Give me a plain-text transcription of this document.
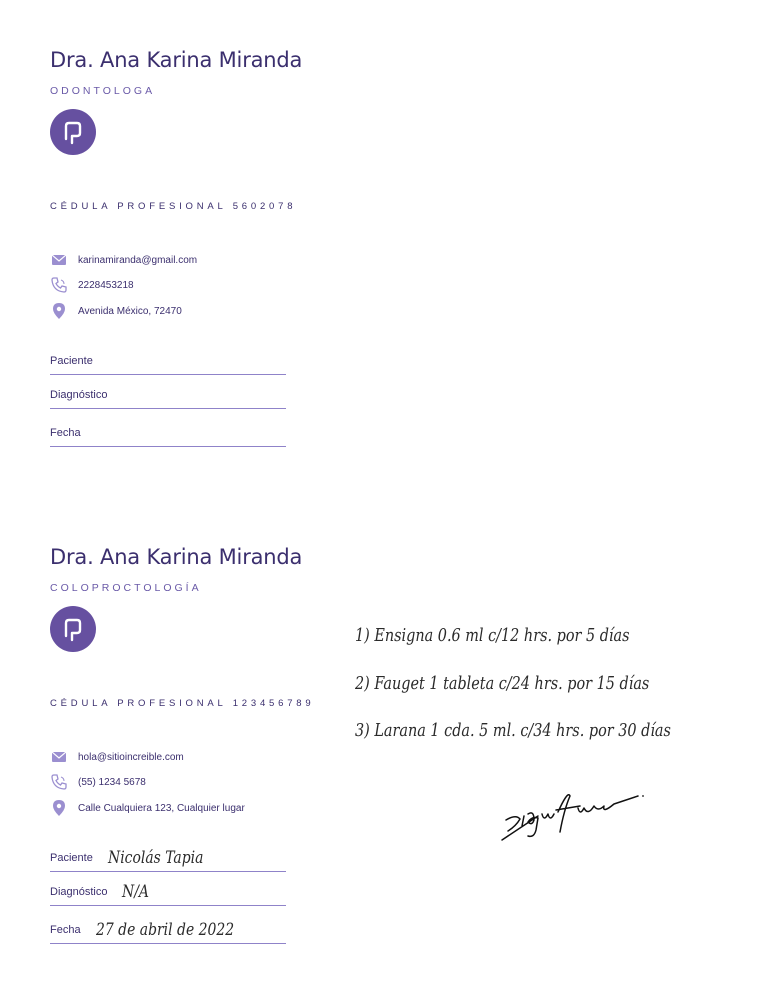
Dra. Ana Karina Miranda
ODONTOLOGA
CÉDULA PROFESIONAL 5602078
karinamiranda@gmail.com
2228453218
Avenida México, 72470
Paciente
Diagnóstico
Fecha
Dra. Ana Karina Miranda
COLOPROCTOLOGÍA
CÉDULA PROFESIONAL 123456789
hola@sitioincreible.com
(55) 1234 5678
Calle Cualquiera 123, Cualquier lugar
Paciente Nicolás Tapia
Diagnóstico N/A
Fecha 27 de abril de 2022
1) Ensigna 0.6 ml c/12 hrs. por 5 días
2) Fauget 1 tableta c/24 hrs. por 15 días
3) Larana 1 cda. 5 ml. c/34 hrs. por 30 días
